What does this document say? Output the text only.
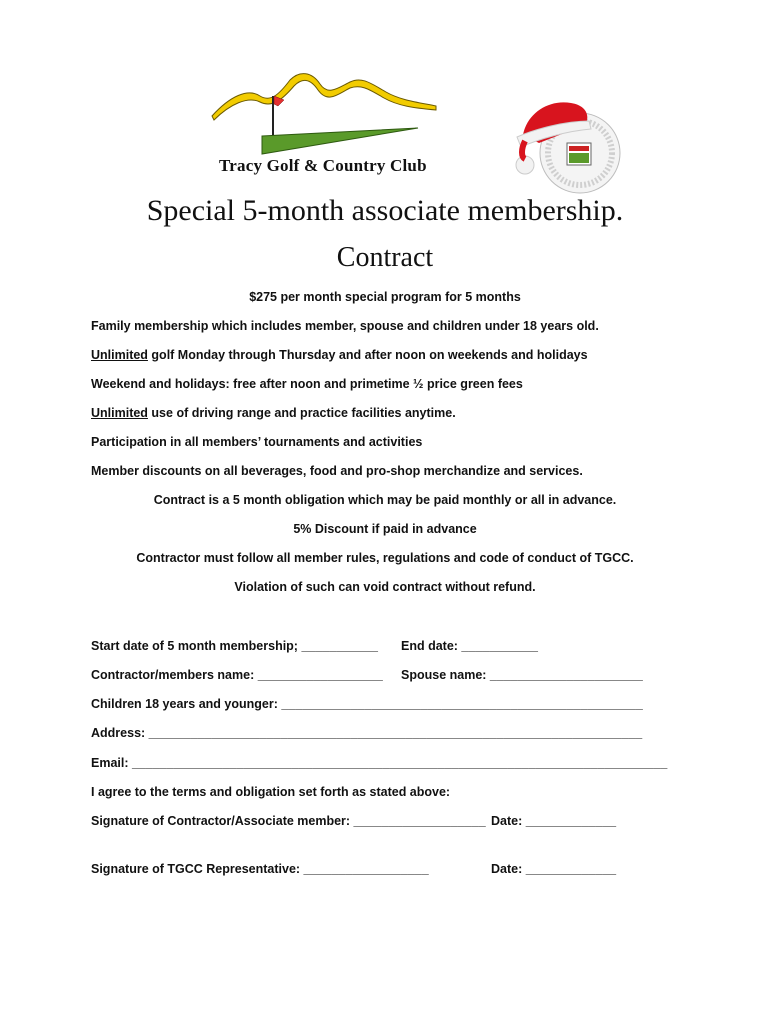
Tracy Golf & Country Club
Special 5-month associate membership.
Contract
$275 per month special program for 5 months
Family membership which includes member, spouse and children under 18 years old.
Unlimited golf Monday through Thursday and after noon on weekends and holidays
Weekend and holidays: free after noon and primetime ½ price green fees
Unlimited use of driving range and practice facilities anytime.
Participation in all members’ tournaments and activities
Member discounts on all beverages, food and pro-shop merchandize and services.
Contract is a 5 month obligation which may be paid monthly or all in advance.
5% Discount if paid in advance
Contractor must follow all member rules, regulations and code of conduct of TGCC.
Violation of such can void contract without refund.
Start date of 5 month membership; ___________ End date: ___________
Contractor/members name: __________________ Spouse name: ______________________
Children 18 years and younger: ____________________________________________________
Address: _______________________________________________________________________
Email: _____________________________________________________________________________
I agree to the terms and obligation set forth as stated above:
Signature of Contractor/Associate member: ___________________ Date: _____________
Signature of TGCC Representative: __________________	Date: _____________
